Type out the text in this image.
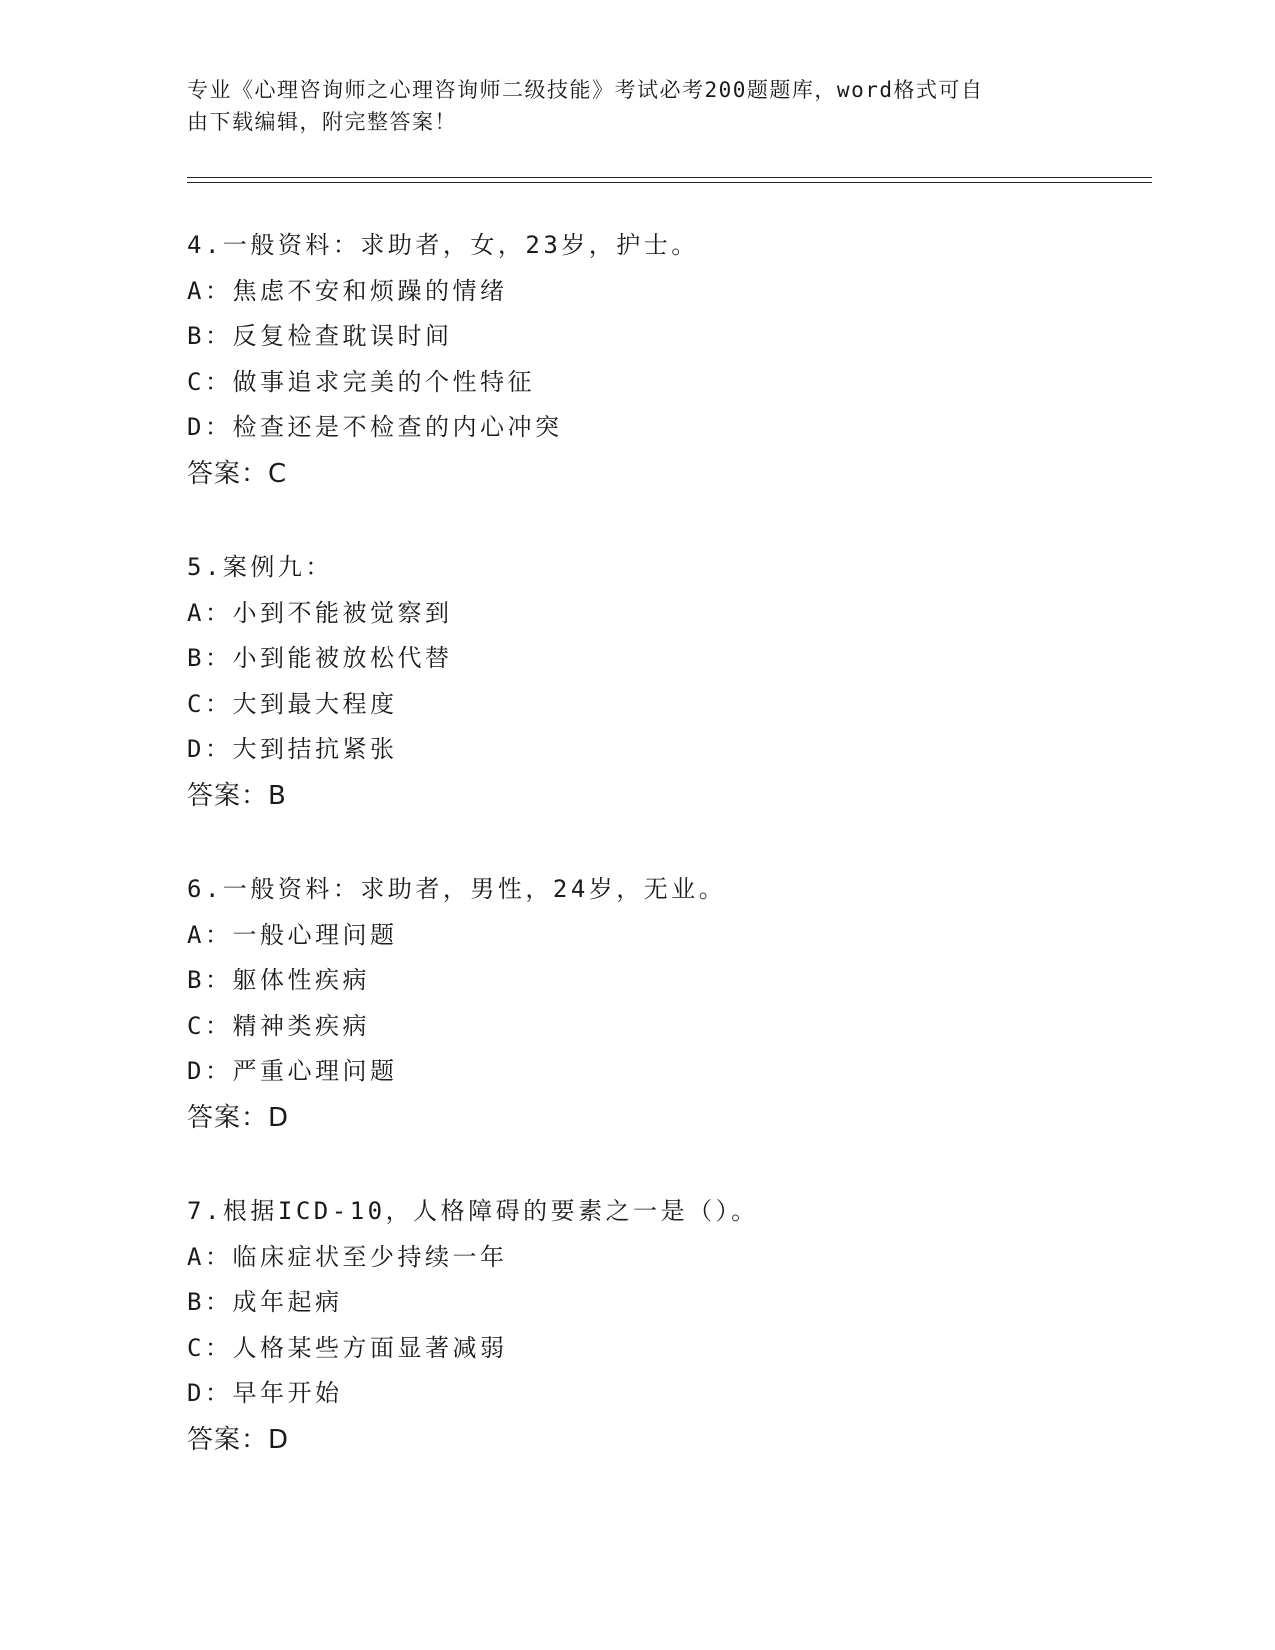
专业《心理咨询师之心理咨询师二级技能》考试必考200题题库，word格式可自
由下载编辑，附完整答案！
4.一般资料：求助者，女，23岁，护士。
A：焦虑不安和烦躁的情绪
B：反复检查耽误时间
C：做事追求完美的个性特征
D：检查还是不检查的内心冲突
答案：C
5.案例九：
A：小到不能被觉察到
B：小到能被放松代替
C：大到最大程度
D：大到拮抗紧张
答案：B
6.一般资料：求助者，男性，24岁，无业。
A：一般心理问题
B：躯体性疾病
C：精神类疾病
D：严重心理问题
答案：D
7.根据ICD-10，人格障碍的要素之一是（）。
A：临床症状至少持续一年
B：成年起病
C：人格某些方面显著减弱
D：早年开始
答案：D
